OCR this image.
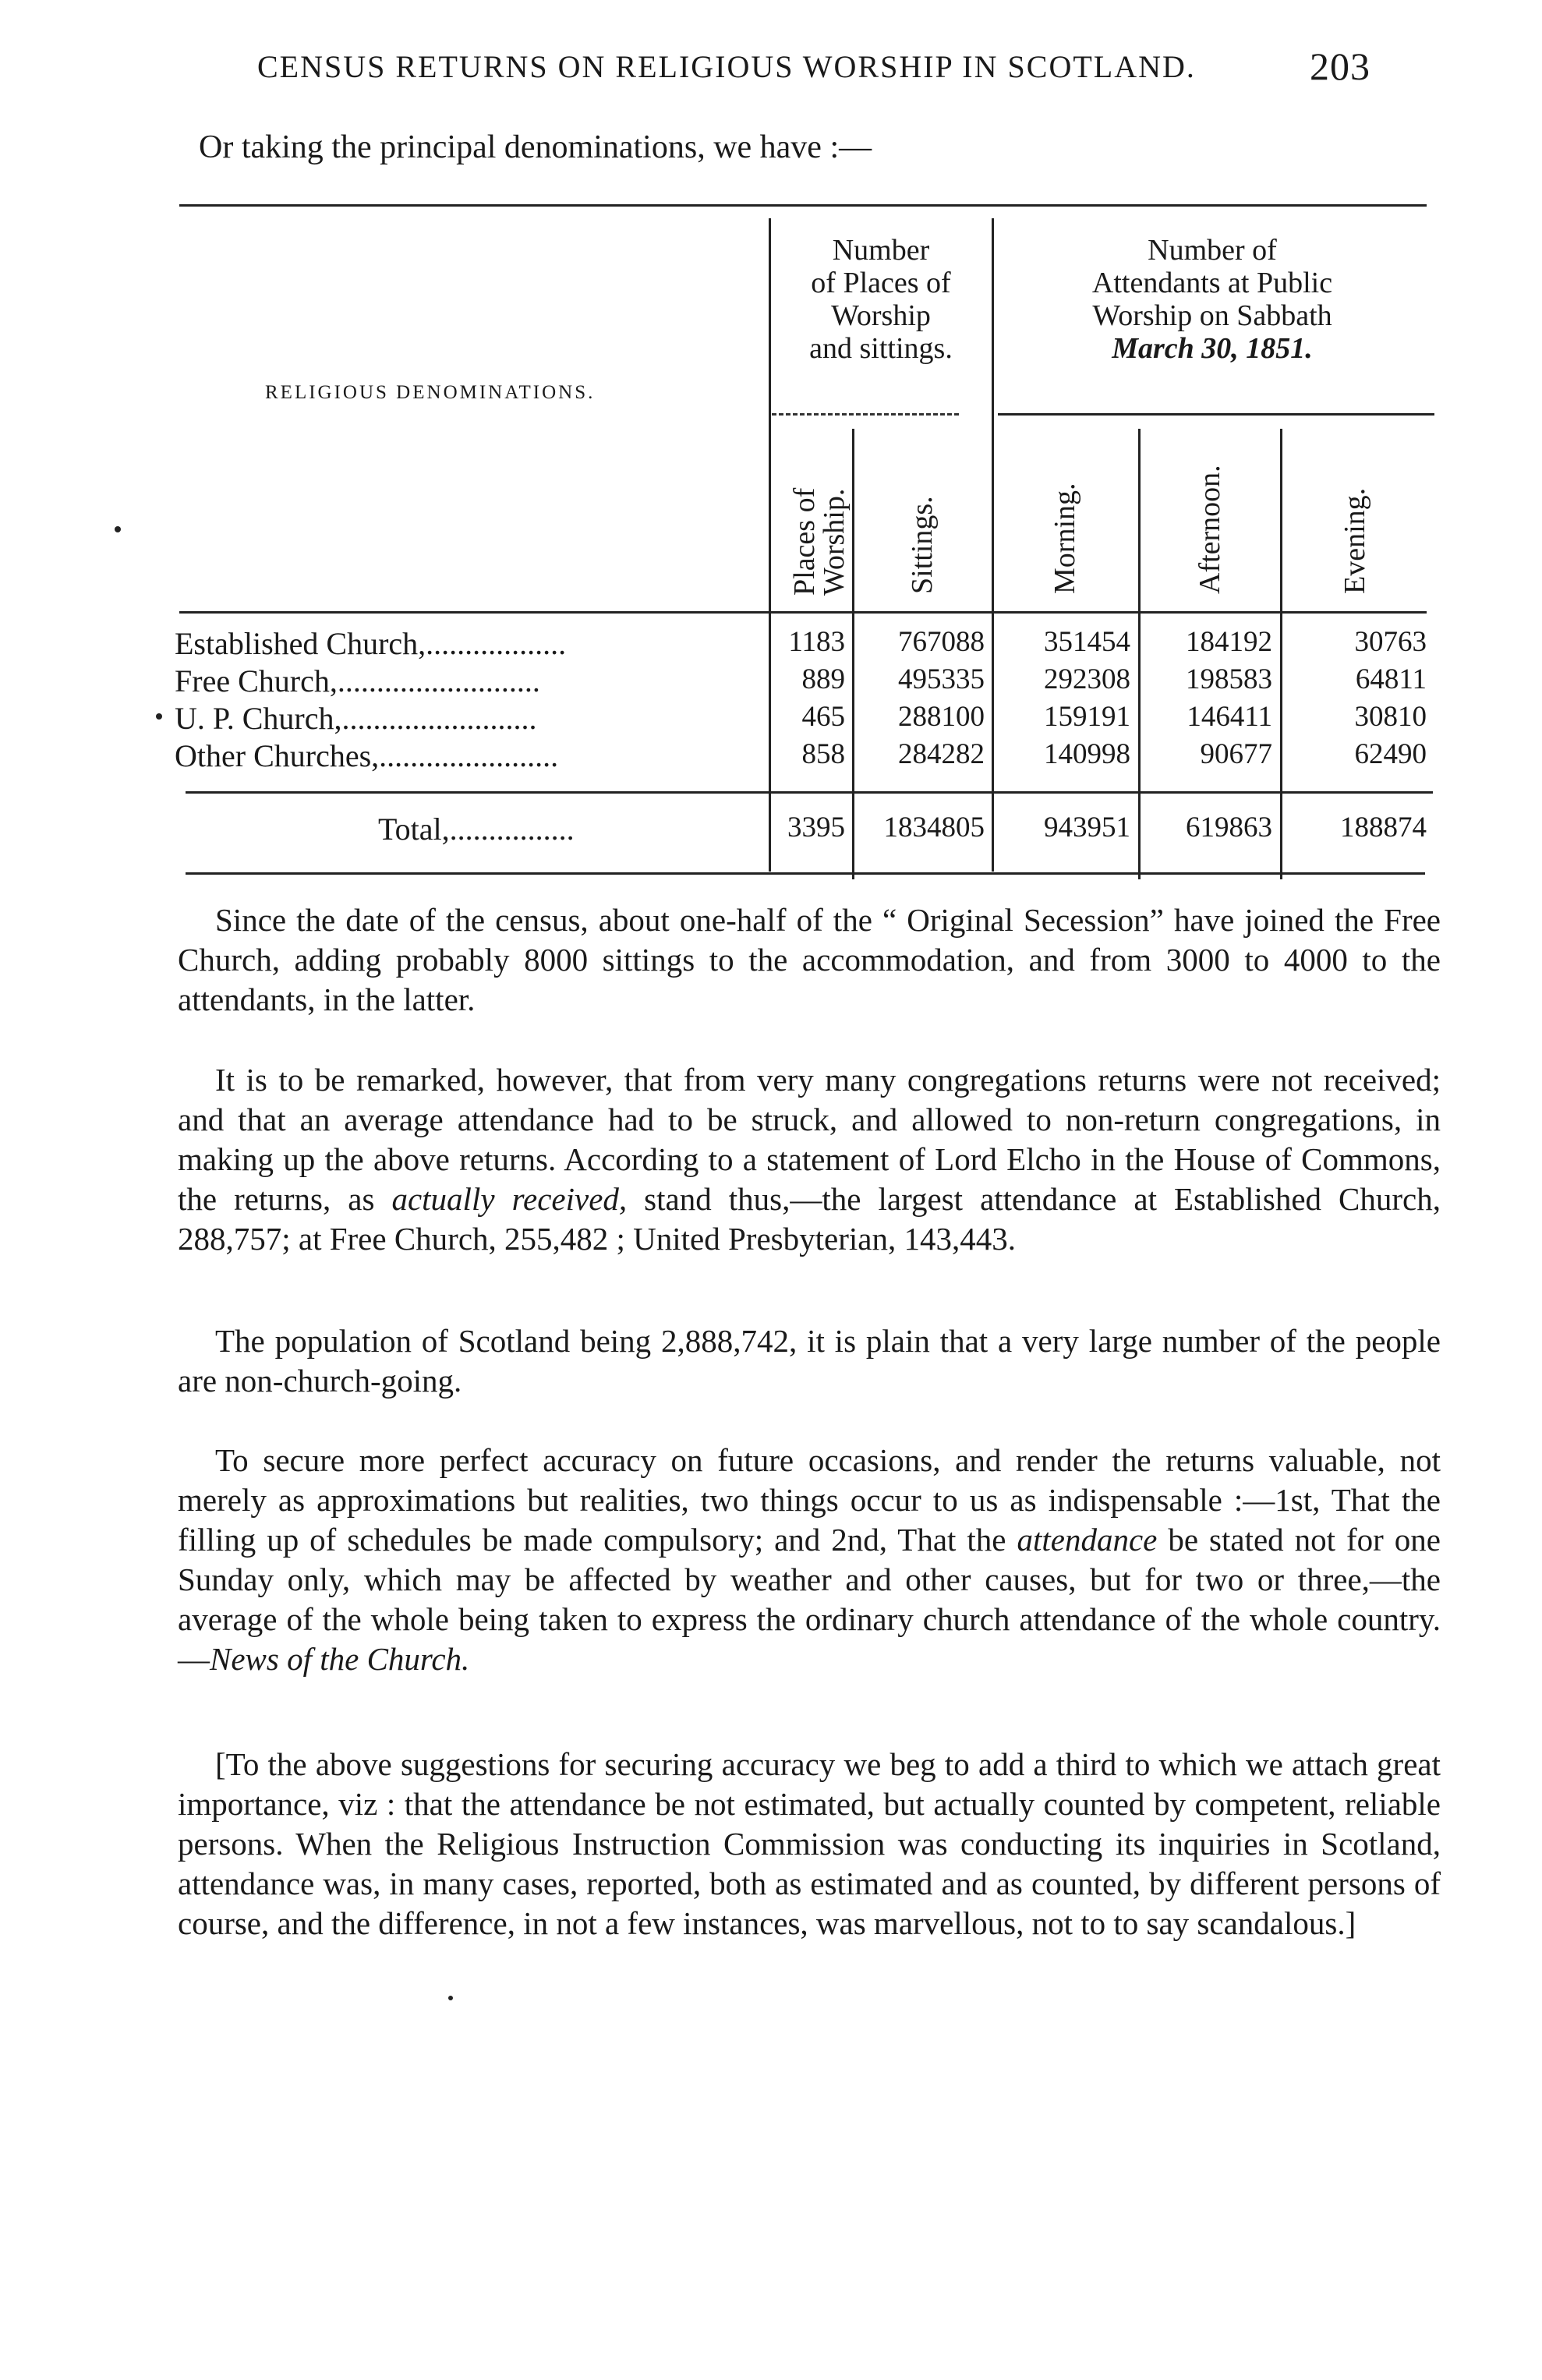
CENSUS RETURNS ON RELIGIOUS WORSHIP IN SCOTLAND.	203
Or taking the principal denominations, we have :—
Number
of Places of
Worship
and sittings.
Number of
Attendants at Public
Worship on Sabbath
March 30, 1851.
RELIGIOUS DENOMINATIONS.
Places of Worship. Sittings.	Morning.	Afternoon.	Evening.
Established Church,..................	1183	767088	351454	184192	30763
Free Church,..........................	889	495335	292308	198583	64811
U. P. Church,.........................	465	288100	159191	146411	30810
Other Churches,.......................	858	284282	140998	90677	62490
Total,................	3395	1834805	943951	619863	188874

Since the date of the census, about one-half of the “ Original Secession” have joined the Free Church, adding probably 8000 sittings to the accommodation, and from 3000 to 4000 to the attendants, in the latter.

It is to be remarked, however, that from very many congregations returns were not received; and that an average attendance had to be struck, and allowed to non-return congregations, in making up the above returns. According to a statement of Lord Elcho in the House of Commons, the returns, as actually received, stand thus,—the largest attendance at Established Church, 288,757; at Free Church, 255,482 ; United Presbyterian, 143,443.

The population of Scotland being 2,888,742, it is plain that a very large number of the people are non-church-going.

To secure more perfect accuracy on future occasions, and render the returns valuable, not merely as approximations but realities, two things occur to us as indispensable :—1st, That the filling up of schedules be made compulsory; and 2nd, That the attendance be stated not for one Sunday only, which may be affected by weather and other causes, but for two or three,—the average of the whole being taken to express the ordinary church attendance of the whole country.—News of the Church.

[To the above suggestions for securing accuracy we beg to add a third to which we attach great importance, viz : that the attendance be not estimated, but actually counted by competent, reliable persons. When the Religious Instruction Commission was conducting its inquiries in Scotland, attendance was, in many cases, reported, both as estimated and as counted, by different persons of course, and the difference, in not a few instances, was marvellous, not to to say scandalous.]
